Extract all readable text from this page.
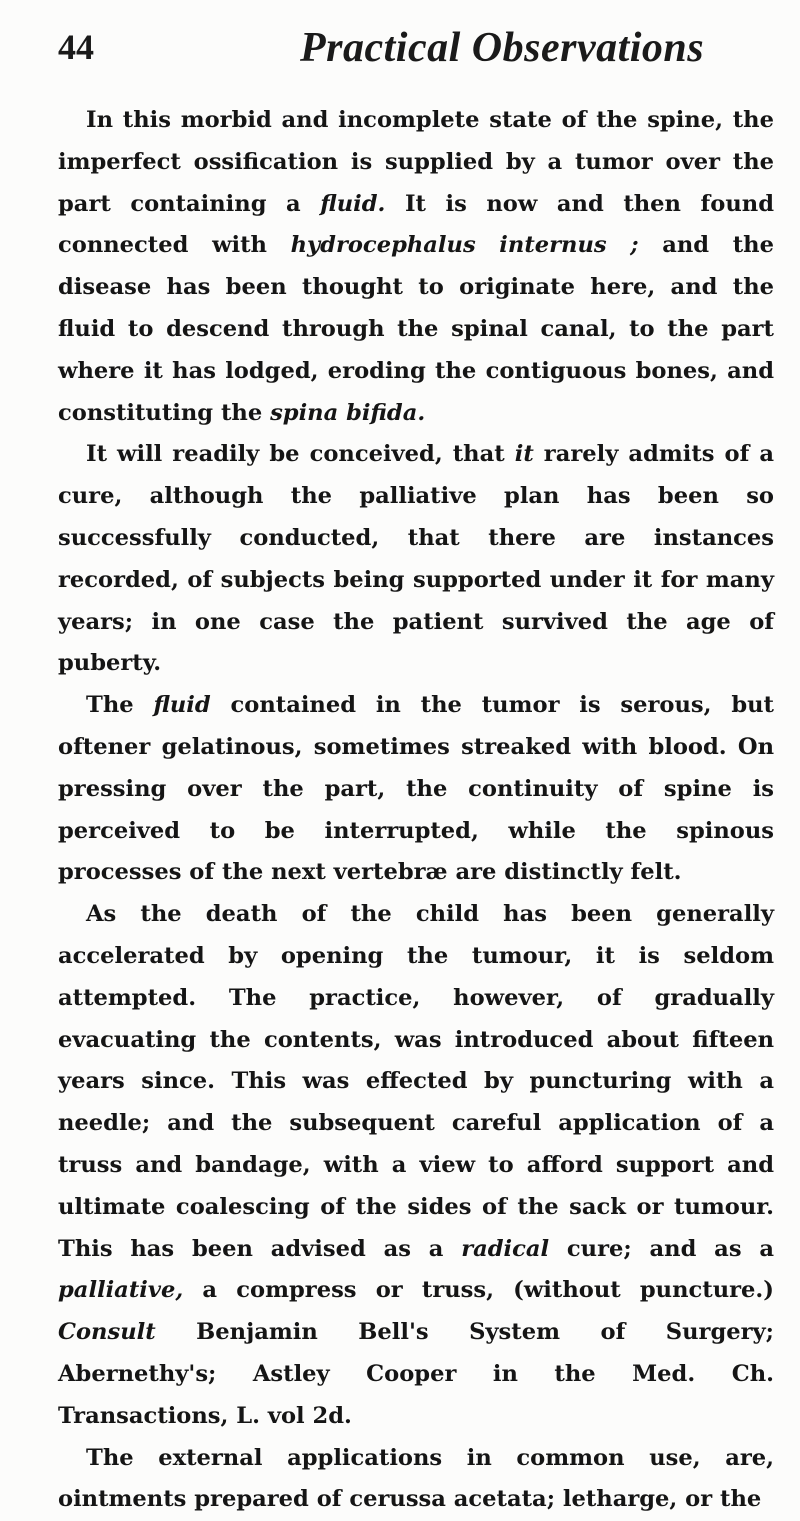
44	Practical Observations

In this morbid and incomplete state of the spine, the imperfect ossification is supplied by a tumor over the part containing a fluid. It is now and then found connected with hydrocephalus internus ; and the disease has been thought to originate here, and the fluid to descend through the spinal canal, to the part where it has lodged, eroding the contiguous bones, and constituting the spina bifida.

It will readily be conceived, that it rarely admits of a cure, although the palliative plan has been so successfully conducted, that there are instances recorded, of subjects being supported under it for many years; in one case the patient survived the age of puberty.

The fluid contained in the tumor is serous, but oftener gelatinous, sometimes streaked with blood. On pressing over the part, the continuity of spine is perceived to be interrupted, while the spinous processes of the next vertebræ are distinctly felt.

As the death of the child has been generally accelerated by opening the tumour, it is seldom attempted. The practice, however, of gradually evacuating the contents, was introduced about fifteen years since. This was effected by puncturing with a needle; and the subsequent careful application of a truss and bandage, with a view to afford support and ultimate coalescing of the sides of the sack or tumour. This has been advised as a radical cure; and as a palliative, a compress or truss, (without puncture.) Consult Benjamin Bell's System of Surgery; Abernethy's; Astley Cooper in the Med. Ch. Transactions, L. vol 2d.

The external applications in common use, are, ointments prepared of cerussa acetata; letharge, or the
